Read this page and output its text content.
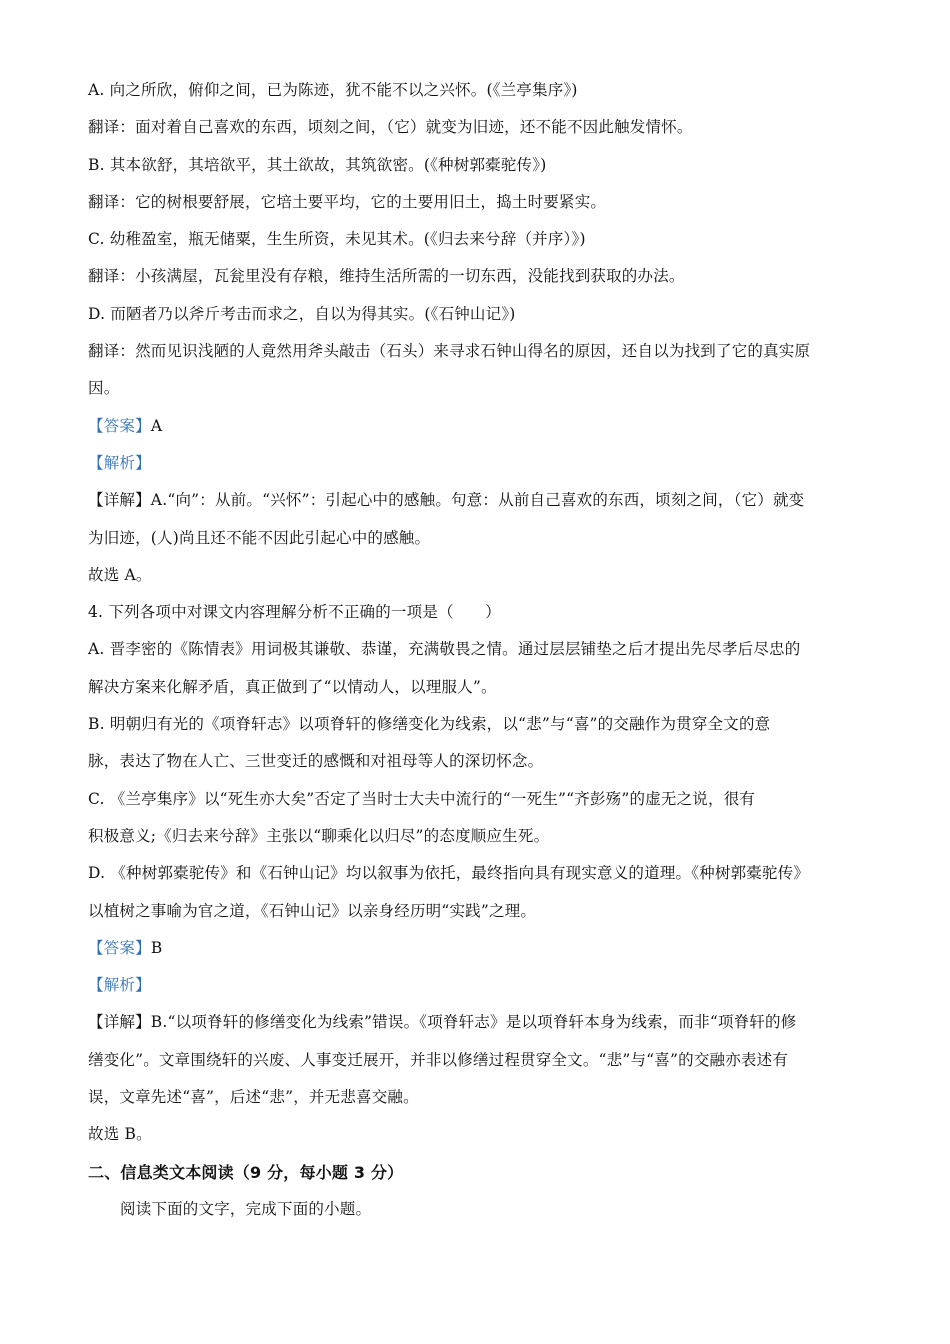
A. 向之所欣，俯仰之间，已为陈迹，犹不能不以之兴怀。(《兰亭集序》)
翻译：面对着自己喜欢的东西，顷刻之间，（它）就变为旧迹，还不能不因此触发情怀。
B. 其本欲舒，其培欲平，其土欲故，其筑欲密。(《种树郭橐驼传》)
翻译：它的树根要舒展，它培土要平均，它的土要用旧土，捣土时要紧实。
C. 幼稚盈室，瓶无储粟，生生所资，未见其术。(《归去来兮辞（并序）》)
翻译：小孩满屋，瓦瓮里没有存粮，维持生活所需的一切东西，没能找到获取的办法。
D. 而陋者乃以斧斤考击而求之，自以为得其实。(《石钟山记》)
翻译：然而见识浅陋的人竟然用斧头敲击（石头）来寻求石钟山得名的原因，还自以为找到了它的真实原
因。
【答案】A
【解析】
【详解】A.“向”：从前。“兴怀”：引起心中的感触。句意：从前自己喜欢的东西，顷刻之间，（它）就变
为旧迹，(人)尚且还不能不因此引起心中的感触。
故选 A。
4. 下列各项中对课文内容理解分析不正确的一项是（　　）
A. 晋李密的《陈情表》用词极其谦敬、恭谨，充满敬畏之情。通过层层铺垫之后才提出先尽孝后尽忠的
解决方案来化解矛盾，真正做到了“以情动人，以理服人”。
B. 明朝归有光的《项脊轩志》以项脊轩的修缮变化为线索，以“悲”与“喜”的交融作为贯穿全文的意
脉，表达了物在人亡、三世变迁的感慨和对祖母等人的深切怀念。
C. 《兰亭集序》以“死生亦大矣”否定了当时士大夫中流行的“一死生”“齐彭殇”的虚无之说，很有
积极意义;《归去来兮辞》主张以“聊乘化以归尽”的态度顺应生死。
D. 《种树郭橐驼传》和《石钟山记》均以叙事为依托，最终指向具有现实意义的道理。《种树郭橐驼传》
以植树之事喻为官之道，《石钟山记》以亲身经历明“实践”之理。
【答案】B
【解析】
【详解】B.“以项脊轩的修缮变化为线索”错误。《项脊轩志》是以项脊轩本身为线索，而非“项脊轩的修
缮变化”。文章围绕轩的兴废、人事变迁展开，并非以修缮过程贯穿全文。“悲”与“喜”的交融亦表述有
误，文章先述“喜”，后述“悲”，并无悲喜交融。
故选 B。
二、信息类文本阅读（9 分，每小题 3 分）
阅读下面的文字，完成下面的小题。
